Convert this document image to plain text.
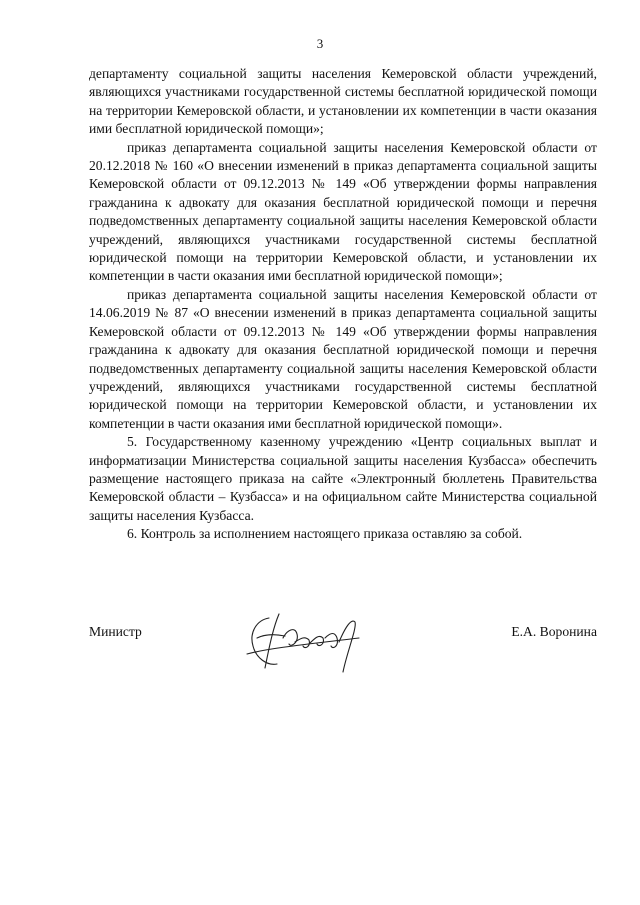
3

департаменту социальной защиты населения Кемеровской области учреждений, являющихся участниками государственной системы бесплатной юридической помощи на территории Кемеровской области, и установлении их компетенции в части оказания ими бесплатной юридической помощи»;

приказ департамента социальной защиты населения Кемеровской области от 20.12.2018 № 160 «О внесении изменений в приказ департамента социальной защиты Кемеровской области от 09.12.2013 № 149 «Об утверждении формы направления гражданина к адвокату для оказания бесплатной юридической помощи и перечня подведомственных департаменту социальной защиты населения Кемеровской области учреждений, являющихся участниками государственной системы бесплатной юридической помощи на территории Кемеровской области, и установлении их компетенции в части оказания ими бесплатной юридической помощи»;

приказ департамента социальной защиты населения Кемеровской области от 14.06.2019 № 87 «О внесении изменений в приказ департамента социальной защиты Кемеровской области от 09.12.2013 № 149 «Об утверждении формы направления гражданина к адвокату для оказания бесплатной юридической помощи и перечня подведомственных департаменту социальной защиты населения Кемеровской области учреждений, являющихся участниками государственной системы бесплатной юридической помощи на территории Кемеровской области, и установлении их компетенции в части оказания ими бесплатной юридической помощи».

5. Государственному казенному учреждению «Центр социальных выплат и информатизации Министерства социальной защиты населения Кузбасса» обеспечить размещение настоящего приказа на сайте «Электронный бюллетень Правительства Кемеровской области – Кузбасса» и на официальном сайте Министерства социальной защиты населения Кузбасса.

6. Контроль за исполнением настоящего приказа оставляю за собой.

Министр	Е.А. Воронина
